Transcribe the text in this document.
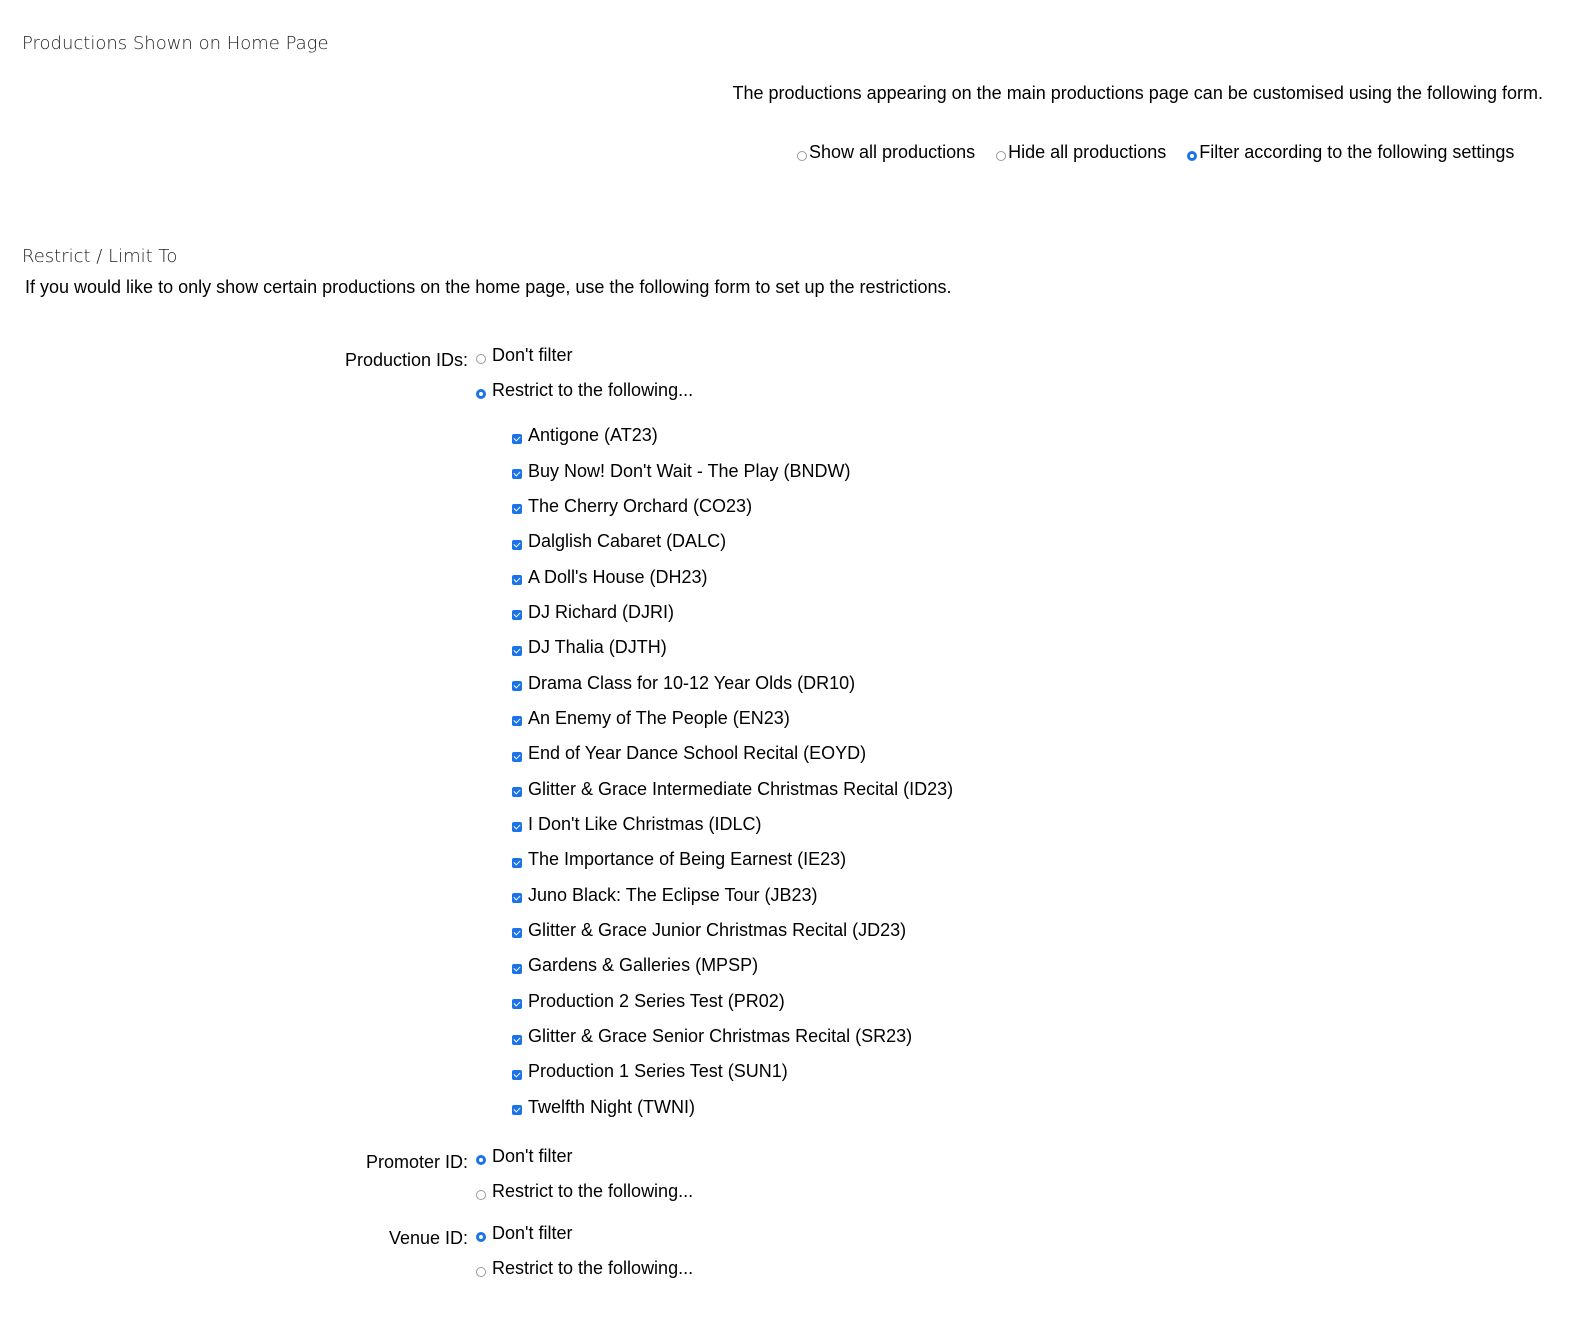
Productions Shown on Home Page
The productions appearing on the main productions page can be customised using the following form.
Show all productions
Hide all productions
Filter according to the following settings
Restrict / Limit To
If you would like to only show certain productions on the home page, use the following form to set up the restrictions.
Production IDs: Don't filter
Restrict to the following...
Antigone (AT23)
Buy Now! Don't Wait - The Play (BNDW)
The Cherry Orchard (CO23)
Dalglish Cabaret (DALC)
A Doll's House (DH23)
DJ Richard (DJRI)
DJ Thalia (DJTH)
Drama Class for 10-12 Year Olds (DR10)
An Enemy of The People (EN23)
End of Year Dance School Recital (EOYD)
Glitter & Grace Intermediate Christmas Recital (ID23)
I Don't Like Christmas (IDLC)
The Importance of Being Earnest (IE23)
Juno Black: The Eclipse Tour (JB23)
Glitter & Grace Junior Christmas Recital (JD23)
Gardens & Galleries (MPSP)
Production 2 Series Test (PR02)
Glitter & Grace Senior Christmas Recital (SR23)
Production 1 Series Test (SUN1)
Twelfth Night (TWNI)
Promoter ID: Don't filter
Restrict to the following...
Venue ID: Don't filter
Restrict to the following...
